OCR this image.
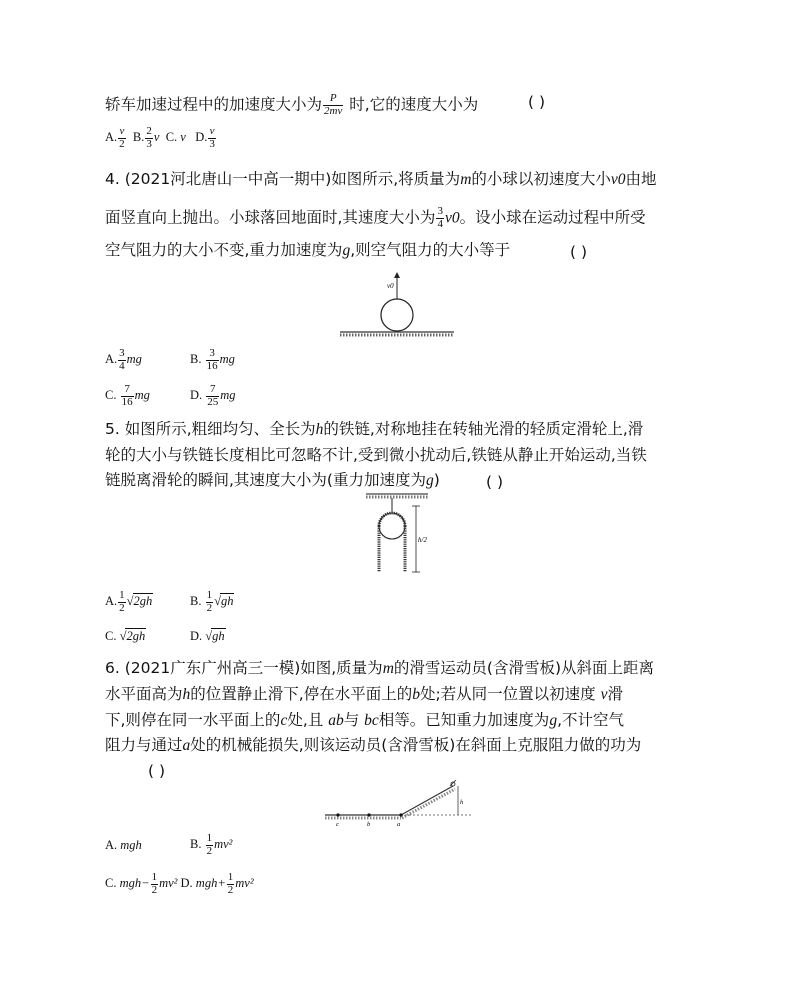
轿车加速过程中的加速度大小为 $\frac{P}{2mv}$ 时,它的速度大小为	( )
A. $\frac{v}{2} B$. $\frac{2}{3}$ v C. v D. $\frac{v}{3}$
4. (2021河北唐山一中高一期中)如图所示,将质量为m的小球以初速度大小v0由地
面竖直向上抛出。小球落回地面时,其速度大小为 $\frac{3}{4} v0$。设小球在运动过程中所受
空气阻力的大小不变,重力加速度为g,则空气阻力的大小等于	( )
v0
A. $\frac{3}{4}$ mg	B. $\frac{3}{16}$ mg
C. $\frac{7}{16}$ mg	D. $\frac{7}{25}$ mg
5. 如图所示,粗细均匀、全长为h的铁链,对称地挂在转轴光滑的轻质定滑轮上,滑
轮的大小与铁链长度相比可忽略不计,受到微小扰动后,铁链从静止开始运动,当铁
链脱离滑轮的瞬间,其速度大小为(重力加速度为g)	( )
h/2
A. $\frac{1}{2} √2gh$	B. $\frac{1}{2} √gh$
C. √2gh	D. √gh
6. (2021广东广州高三一模)如图,质量为m的滑雪运动员(含滑雪板)从斜面上距离
水平面高为h的位置静止滑下,停在水平面上的b处;若从同一位置以初速度 v滑
下,则停在同一水平面上的c处,且 ab与 bc相等。已知重力加速度为g,不计空气
阻力与通过a处的机械能损失,则该运动员(含滑雪板)在斜面上克服阻力做的功为
( )
c	b	a
h
A. mgh	B. $\frac{1}{2} mv^2$
C. $mgh- \frac{1}{2} mv^2$ D. $mgh+ \frac{1}{2} mv^2$
